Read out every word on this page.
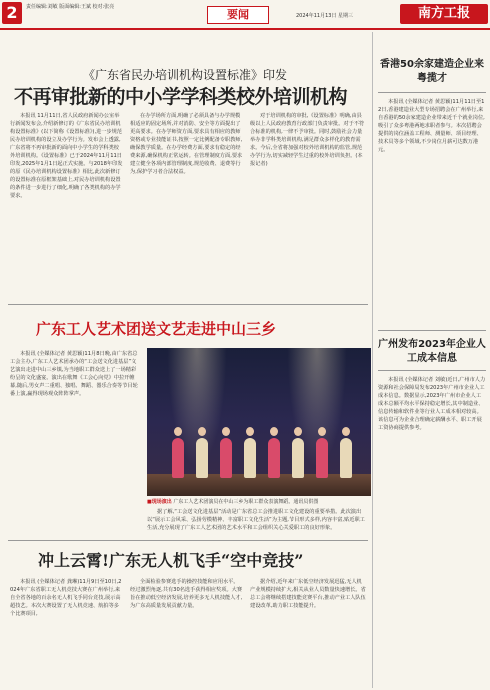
2	责任编辑:刘敏 版面编辑:王斌 校对:张亮
要闻	2024年11月13日 星期三	南方工报
《广东省民办培训机构设置标准》印发
不再审批新的中小学学科类校外培训机构
本报讯 11月11日,省人民政府新闻办公室举行新闻发布会,介绍新修订的《广东省民办培训机构设置标准》(以下简称《设置标准》),进一步规范民办培训机构的设立及办学行为。发布会上透露,广东省将不再审批新的面向中小学生的学科类校外培训机构。《设置标准》已于2024年11月11日印发,2025年1月1日起正式实施。与2018年印发的原《民办培训机构设置标准》相比,此次新修订的设置标准在原框架基础上,对民办培训机构设置的条件进一步进行了细化,明确了各类机构的办学要求。
在办学场所方面,明确了必须具备与办学规模相适应的固定场所,并对消防、安全等方面提出了更高要求。在办学师资方面,要求具有相应的教师资格或专业技能证书,按照一定比例配备专职教师,确保教学质量。在办学经费方面,要求有稳定的经费来源,确保机构正常运转。在管理制度方面,要求建立健全各项内部管理制度,规范收费、退费等行为,保护学习者合法权益。
对于培训机构的审批,《设置标准》明确,由县级以上人民政府教育行政部门负责审批。对于不符合标准的机构,一律不予审批。同时,鼓励社会力量举办非学科类培训机构,满足群众多样化的教育需求。今后,全省将加强对校外培训机构的监管,规范办学行为,切实减轻学生过重的校外培训负担。(本报记者)
广东工人艺术团送文艺走进中山三乡
本报讯 (全媒体记者 黄思颖)11月8日晚,由广东省总工会主办,广东工人艺术团承办的“工会送文化进基层”文艺演出走进中山三乡镇,为当地职工群众送上了一场精彩纷呈的文化盛宴。演出在歌舞《工会心向党》中拉开帷幕,随后,男女声二重唱、独唱、舞蹈、器乐合奏等节目轮番上演,赢得现场观众阵阵掌声。
■现场演出 广东工人艺术团演员在中山三乡为职工群众表演舞蹈。通讯员供图
据了解,“工会送文化进基层”活动是广东省总工会推进职工文化建设的重要举措。此次演出以“展示工会风采、弘扬劳模精神、丰富职工文化生活”为主题,节目形式多样,内容丰富,贴近职工生活,充分展现了广东工人艺术团的艺术水平和工会组织关心关爱职工的良好形象。
冲上云霄!广东无人机飞手“空中竞技”
本报讯 (全媒体记者 龚琳)11月9日至10日,2024年广东省职工无人机竞技大赛在广州举行,来自全省各地的百余名无人机飞手同台竞技,展示高超技艺。本次大赛设置了无人机竞速、航拍等多个比赛项目,
全面检验参赛选手的操控技能和应用水平。经过激烈角逐,共有30名选手获得相应奖项。大赛旨在推动低空经济发展,培养更多无人机技能人才,为广东高质量发展贡献力量。
据介绍,近年来广东低空经济发展迅猛,无人机产业规模持续扩大,相关从业人员数量快速增长。省总工会将继续搭建技能竞赛平台,推动产业工人队伍建设改革,助力职工技能提升。
香港50余家建造企业来粤揽才
本报讯 (全媒体记者 黄思颖)11月11日至12日,香港建造业大型专场招聘会在广州举行,来自香港的50余家建造企业带来近千个就业岗位,吸引了众多粤港两地求职者参与。本次招聘会提供的岗位涵盖工程师、测量师、项目经理、技术员等多个领域,不少岗位月薪可达数万港元。
广州发布2023年企业人工成本信息
本报讯 (全媒体记者 刘敏)近日,广州市人力资源和社会保障局发布2023年广州市企业人工成本信息。数据显示,2023年广州市企业人工成本总额平均水平保持稳定增长,其中制造业、信息传输和软件业等行业人工成本相对较高。该信息可为企业合理确定薪酬水平、职工开展工资协商提供参考。
